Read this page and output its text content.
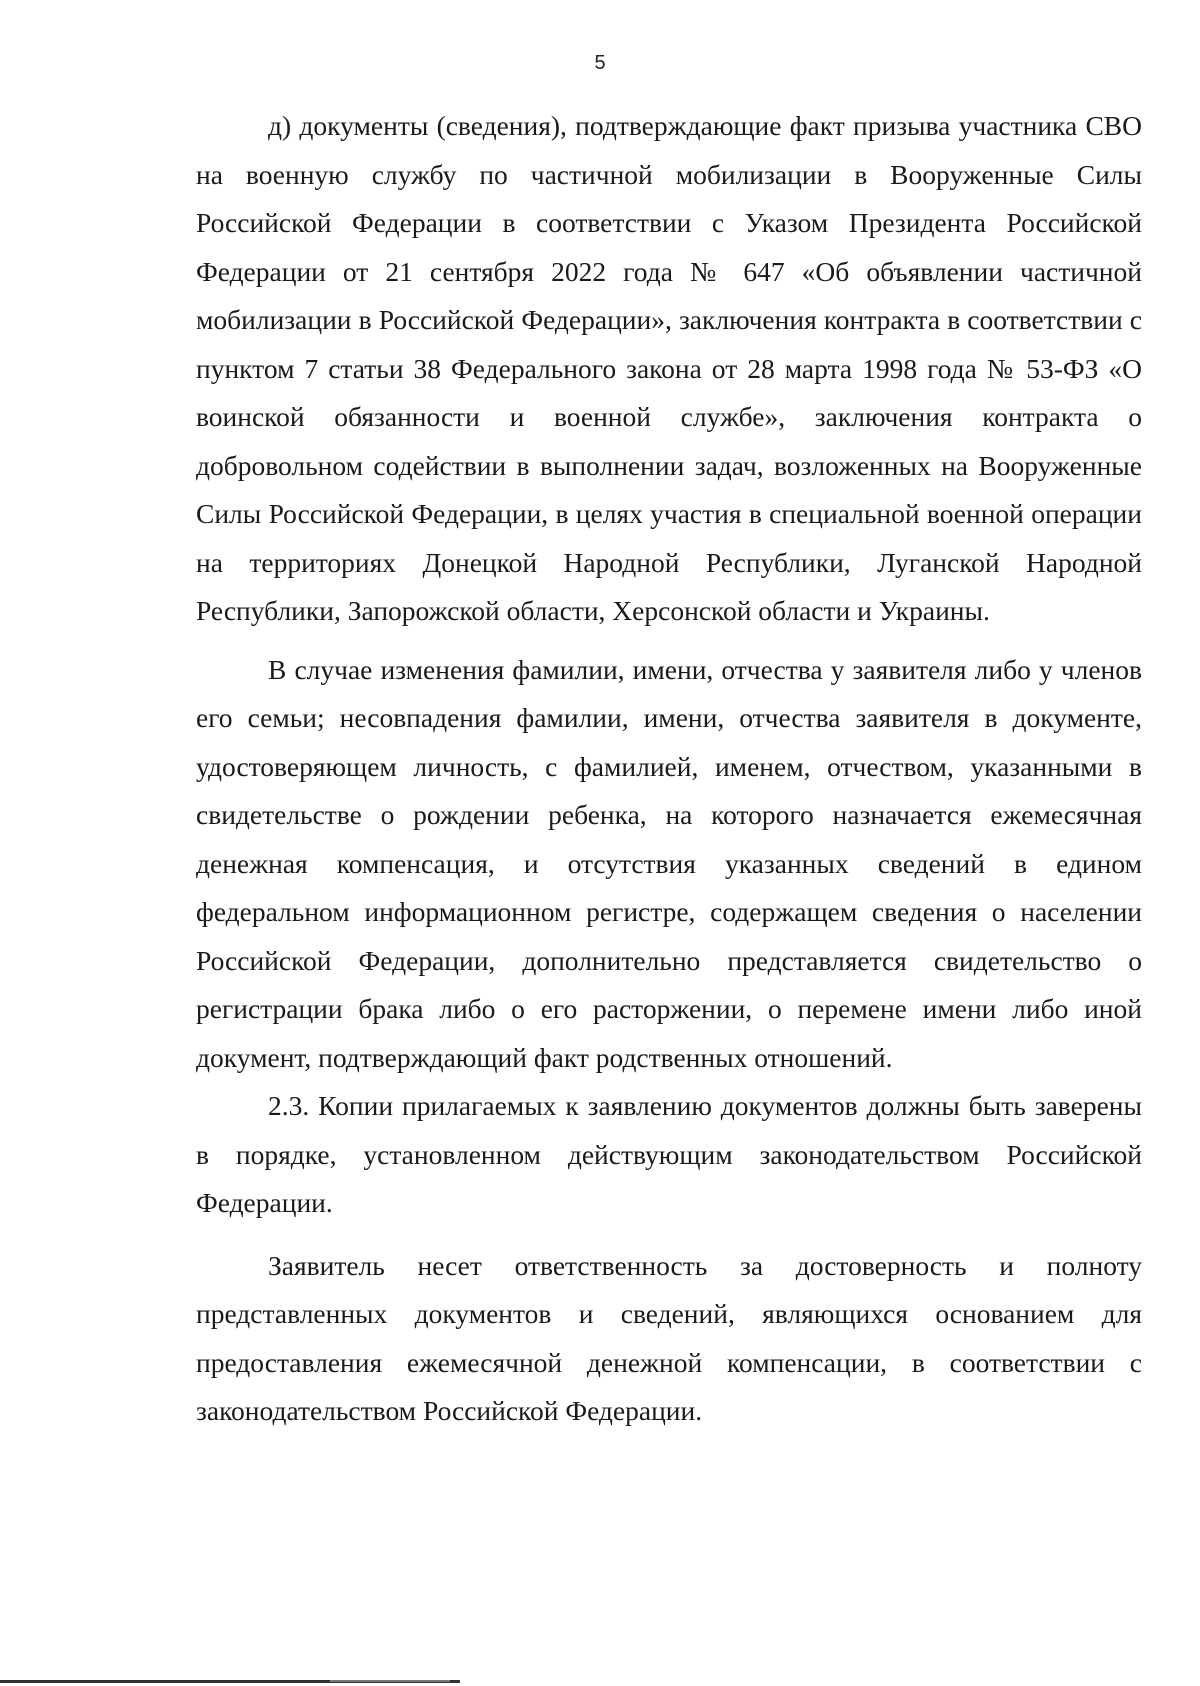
5

д) документы (сведения), подтверждающие факт призыва участника СВО на военную службу по частичной мобилизации в Вооруженные Силы Российской Федерации в соответствии с Указом Президента Российской Федерации от 21 сентября 2022 года № 647 «Об объявлении частичной мобилизации в Российской Федерации», заключения контракта в соответствии с пунктом 7 статьи 38 Федерального закона от 28 марта 1998 года № 53-ФЗ «О воинской обязанности и военной службе», заключения контракта о добровольном содействии в выполнении задач, возложенных на Вооруженные Силы Российской Федерации, в целях участия в специальной военной операции на территориях Донецкой Народной Республики, Луганской Народной Республики, Запорожской области, Херсонской области и Украины.

В случае изменения фамилии, имени, отчества у заявителя либо у членов его семьи; несовпадения фамилии, имени, отчества заявителя в документе, удостоверяющем личность, с фамилией, именем, отчеством, указанными в свидетельстве о рождении ребенка, на которого назначается ежемесячная денежная компенсация, и отсутствия указанных сведений в едином федеральном информационном регистре, содержащем сведения о населении Российской Федерации, дополнительно представляется свидетельство о регистрации брака либо о его расторжении, о перемене имени либо иной документ, подтверждающий факт родственных отношений.

2.3. Копии прилагаемых к заявлению документов должны быть заверены в порядке, установленном действующим законодательством Российской Федерации.

Заявитель несет ответственность за достоверность и полноту представленных документов и сведений, являющихся основанием для предоставления ежемесячной денежной компенсации, в соответствии с законодательством Российской Федерации.
